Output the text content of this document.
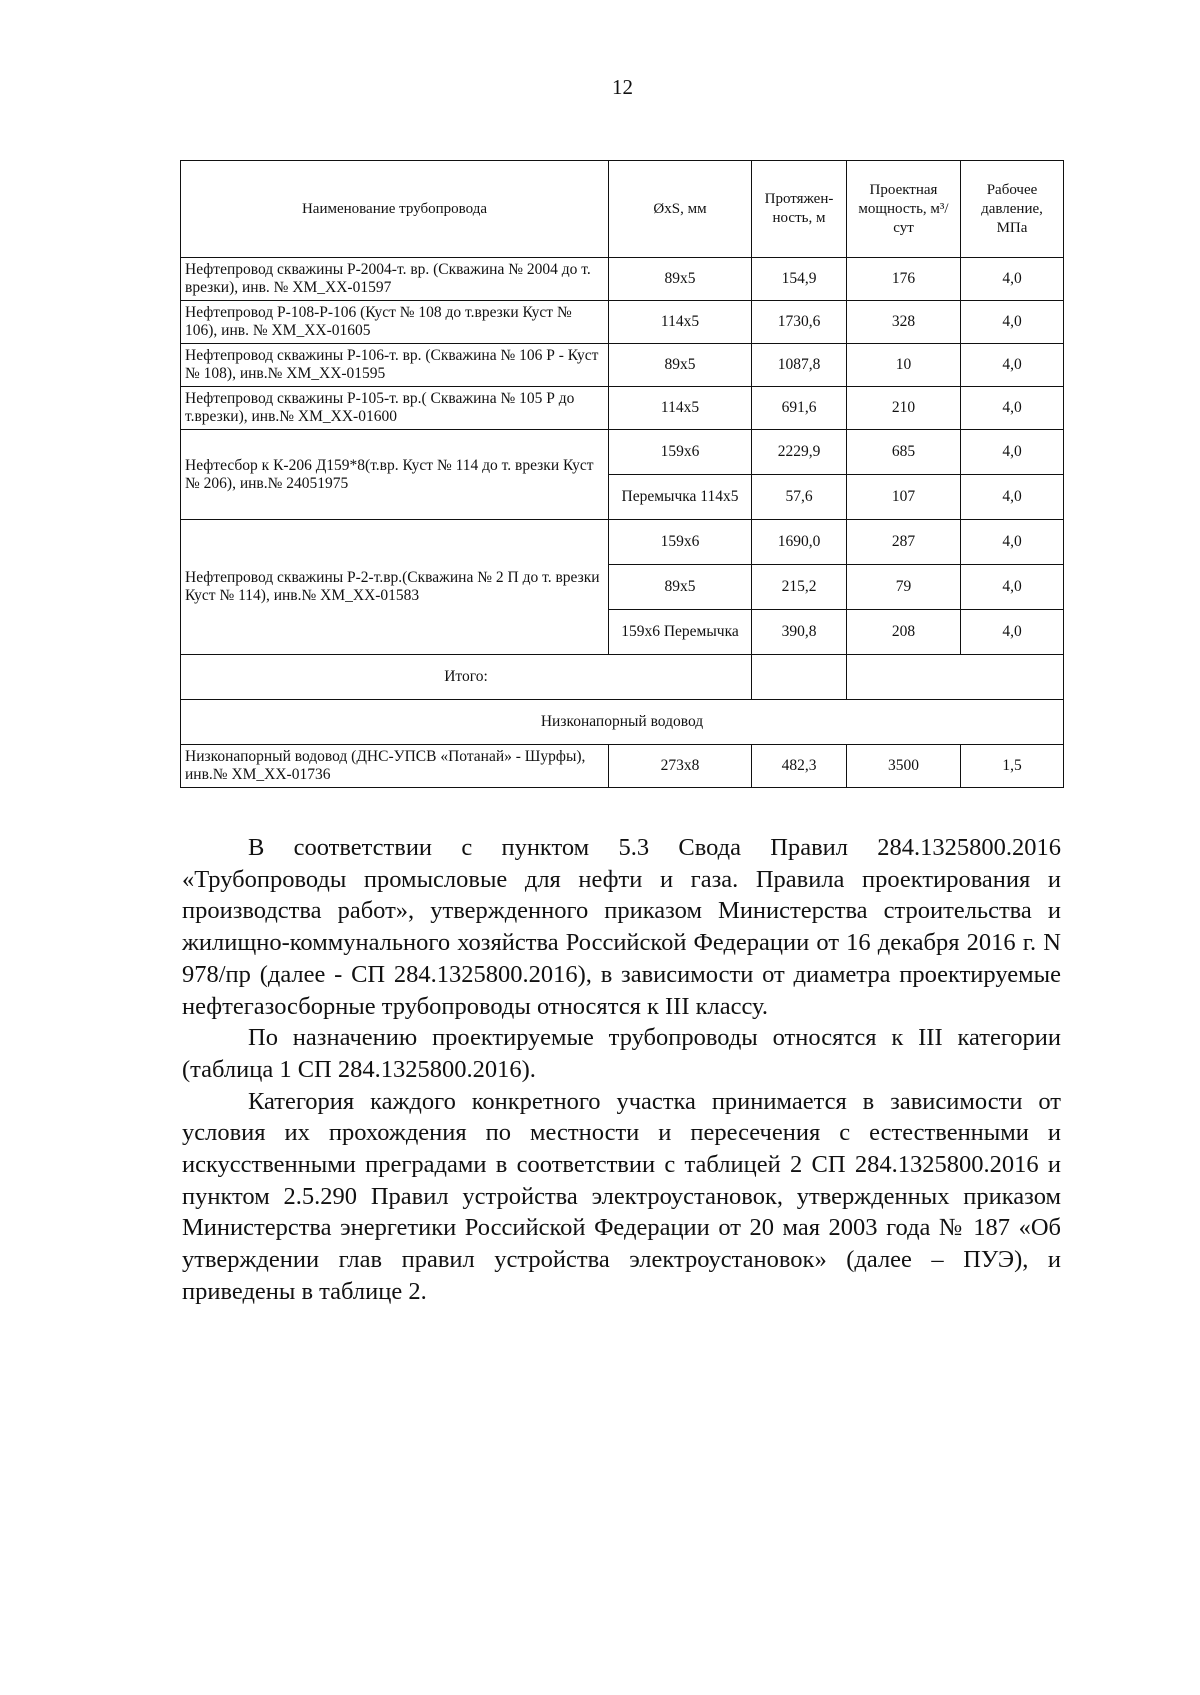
12
Наименование трубопровода	ØxS, мм	Протяжен-ность, м	Проектная мощность, м³/сут	Рабочее давление, МПа
Нефтепровод скважины Р-2004-т. вр. (Скважина № 2004 до т. врезки), инв. № ХМ_ХХ-01597	89x5	154,9	176	4,0
Нефтепровод Р-108-Р-106 (Куст № 108 до т.врезки Куст № 106), инв. № ХМ_ХХ-01605	114x5	1730,6	328	4,0
Нефтепровод скважины Р-106-т. вр. (Скважина № 106 Р - Куст № 108), инв.№ ХМ_ХХ-01595	89x5	1087,8	10	4,0
Нефтепровод скважины Р-105-т. вр.( Скважина № 105 Р до т.врезки), инв.№ ХМ_ХХ-01600	114x5	691,6	210	4,0
Нефтесбор к К-206 Д159*8(т.вр. Куст № 114 до т. врезки Куст № 206), инв.№ 24051975	159x6	2229,9	685	4,0
	Перемычка 114x5	57,6	107	4,0
Нефтепровод скважины Р-2-т.вр.(Скважина № 2 П до т. врезки Куст № 114), инв.№ ХМ_ХХ-01583	159x6	1690,0	287	4,0
	89x5	215,2	79	4,0
	159x6 Перемычка	390,8	208	4,0
Итого:				
Низконапорный водовод				
Низконапорный водовод (ДНС-УПСВ «Потанай» - Шурфы), инв.№ ХМ_ХХ-01736	273x8	482,3	3500	1,5

В соответствии с пунктом 5.3 Свода Правил 284.1325800.2016 «Трубопроводы промысловые для нефти и газа. Правила проектирования и производства работ», утвержденного приказом Министерства строительства и жилищно-коммунального хозяйства Российской Федерации от 16 декабря 2016 г. N 978/пр (далее - СП 284.1325800.2016), в зависимости от диаметра проектируемые нефтегазосборные трубопроводы относятся к III классу.

По назначению проектируемые трубопроводы относятся к III категории (таблица 1 СП 284.1325800.2016).

Категория каждого конкретного участка принимается в зависимости от условия их прохождения по местности и пересечения с естественными и искусственными преградами в соответствии с таблицей 2 СП 284.1325800.2016 и пунктом 2.5.290 Правил устройства электроустановок, утвержденных приказом Министерства энергетики Российской Федерации от 20 мая 2003 года № 187 «Об утверждении глав правил устройства электроустановок» (далее – ПУЭ), и приведены в таблице 2.
